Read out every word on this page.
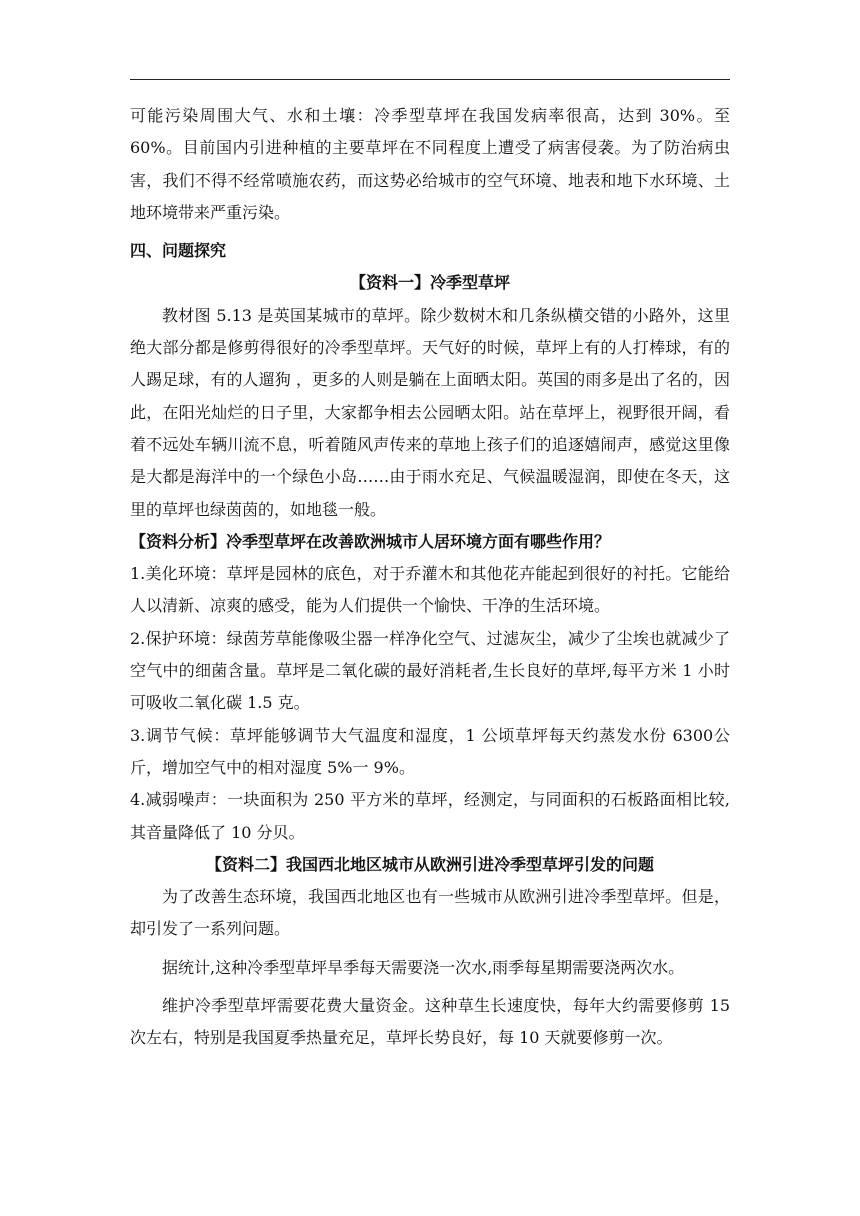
可能污染周围大气、水和土壤：冷季型草坪在我国发病率很高，达到 30%。至 60%。目前国内引进种植的主要草坪在不同程度上遭受了病害侵袭。为了防治病虫害，我们不得不经常喷施农药，而这势必给城市的空气环境、地表和地下水环境、土地环境带来严重污染。

四、问题探究

【资料一】冷季型草坪

教材图 5.13 是英国某城市的草坪。除少数树木和几条纵横交错的小路外，这里绝大部分都是修剪得很好的冷季型草坪。天气好的时候，草坪上有的人打棒球，有的人踢足球，有的人遛狗 ，更多的人则是躺在上面晒太阳。英国的雨多是出了名的，因此，在阳光灿烂的日子里，大家都争相去公园晒太阳。站在草坪上，视野很开阔，看着不远处车辆川流不息，听着随风声传来的草地上孩子们的追逐嬉闹声，感觉这里像是大都是海洋中的一个绿色小岛……由于雨水充足、气候温暖湿润，即使在冬天，这里的草坪也绿茵茵的，如地毯一般。

【资料分析】冷季型草坪在改善欧洲城市人居环境方面有哪些作用？

1.美化环境：草坪是园林的底色，对于乔灌木和其他花卉能起到很好的衬托。它能给人以清新、凉爽的感受，能为人们提供一个愉快、干净的生活环境。

2.保护环境：绿茵芳草能像吸尘器一样净化空气、过滤灰尘，减少了尘埃也就减少了空气中的细菌含量。草坪是二氧化碳的最好消耗者,生长良好的草坪,每平方米 1 小时可吸收二氧化碳 1.5 克。

3.调节气候：草坪能够调节大气温度和湿度，1 公顷草坪每天约蒸发水份 6300公斤，增加空气中的相对湿度 5%一 9%。

4.减弱噪声：一块面积为 250 平方米的草坪，经测定，与同面积的石板路面相比较,其音量降低了 10 分贝。

【资料二】我国西北地区城市从欧洲引进冷季型草坪引发的问题

为了改善生态环境，我国西北地区也有一些城市从欧洲引进冷季型草坪。但是，却引发了一系列问题。

据统计,这种冷季型草坪旱季每天需要浇一次水,雨季每星期需要浇两次水。

维护冷季型草坪需要花费大量资金。这种草生长速度快，每年大约需要修剪 15 次左右，特别是我国夏季热量充足，草坪长势良好，每 10 天就要修剪一次。
